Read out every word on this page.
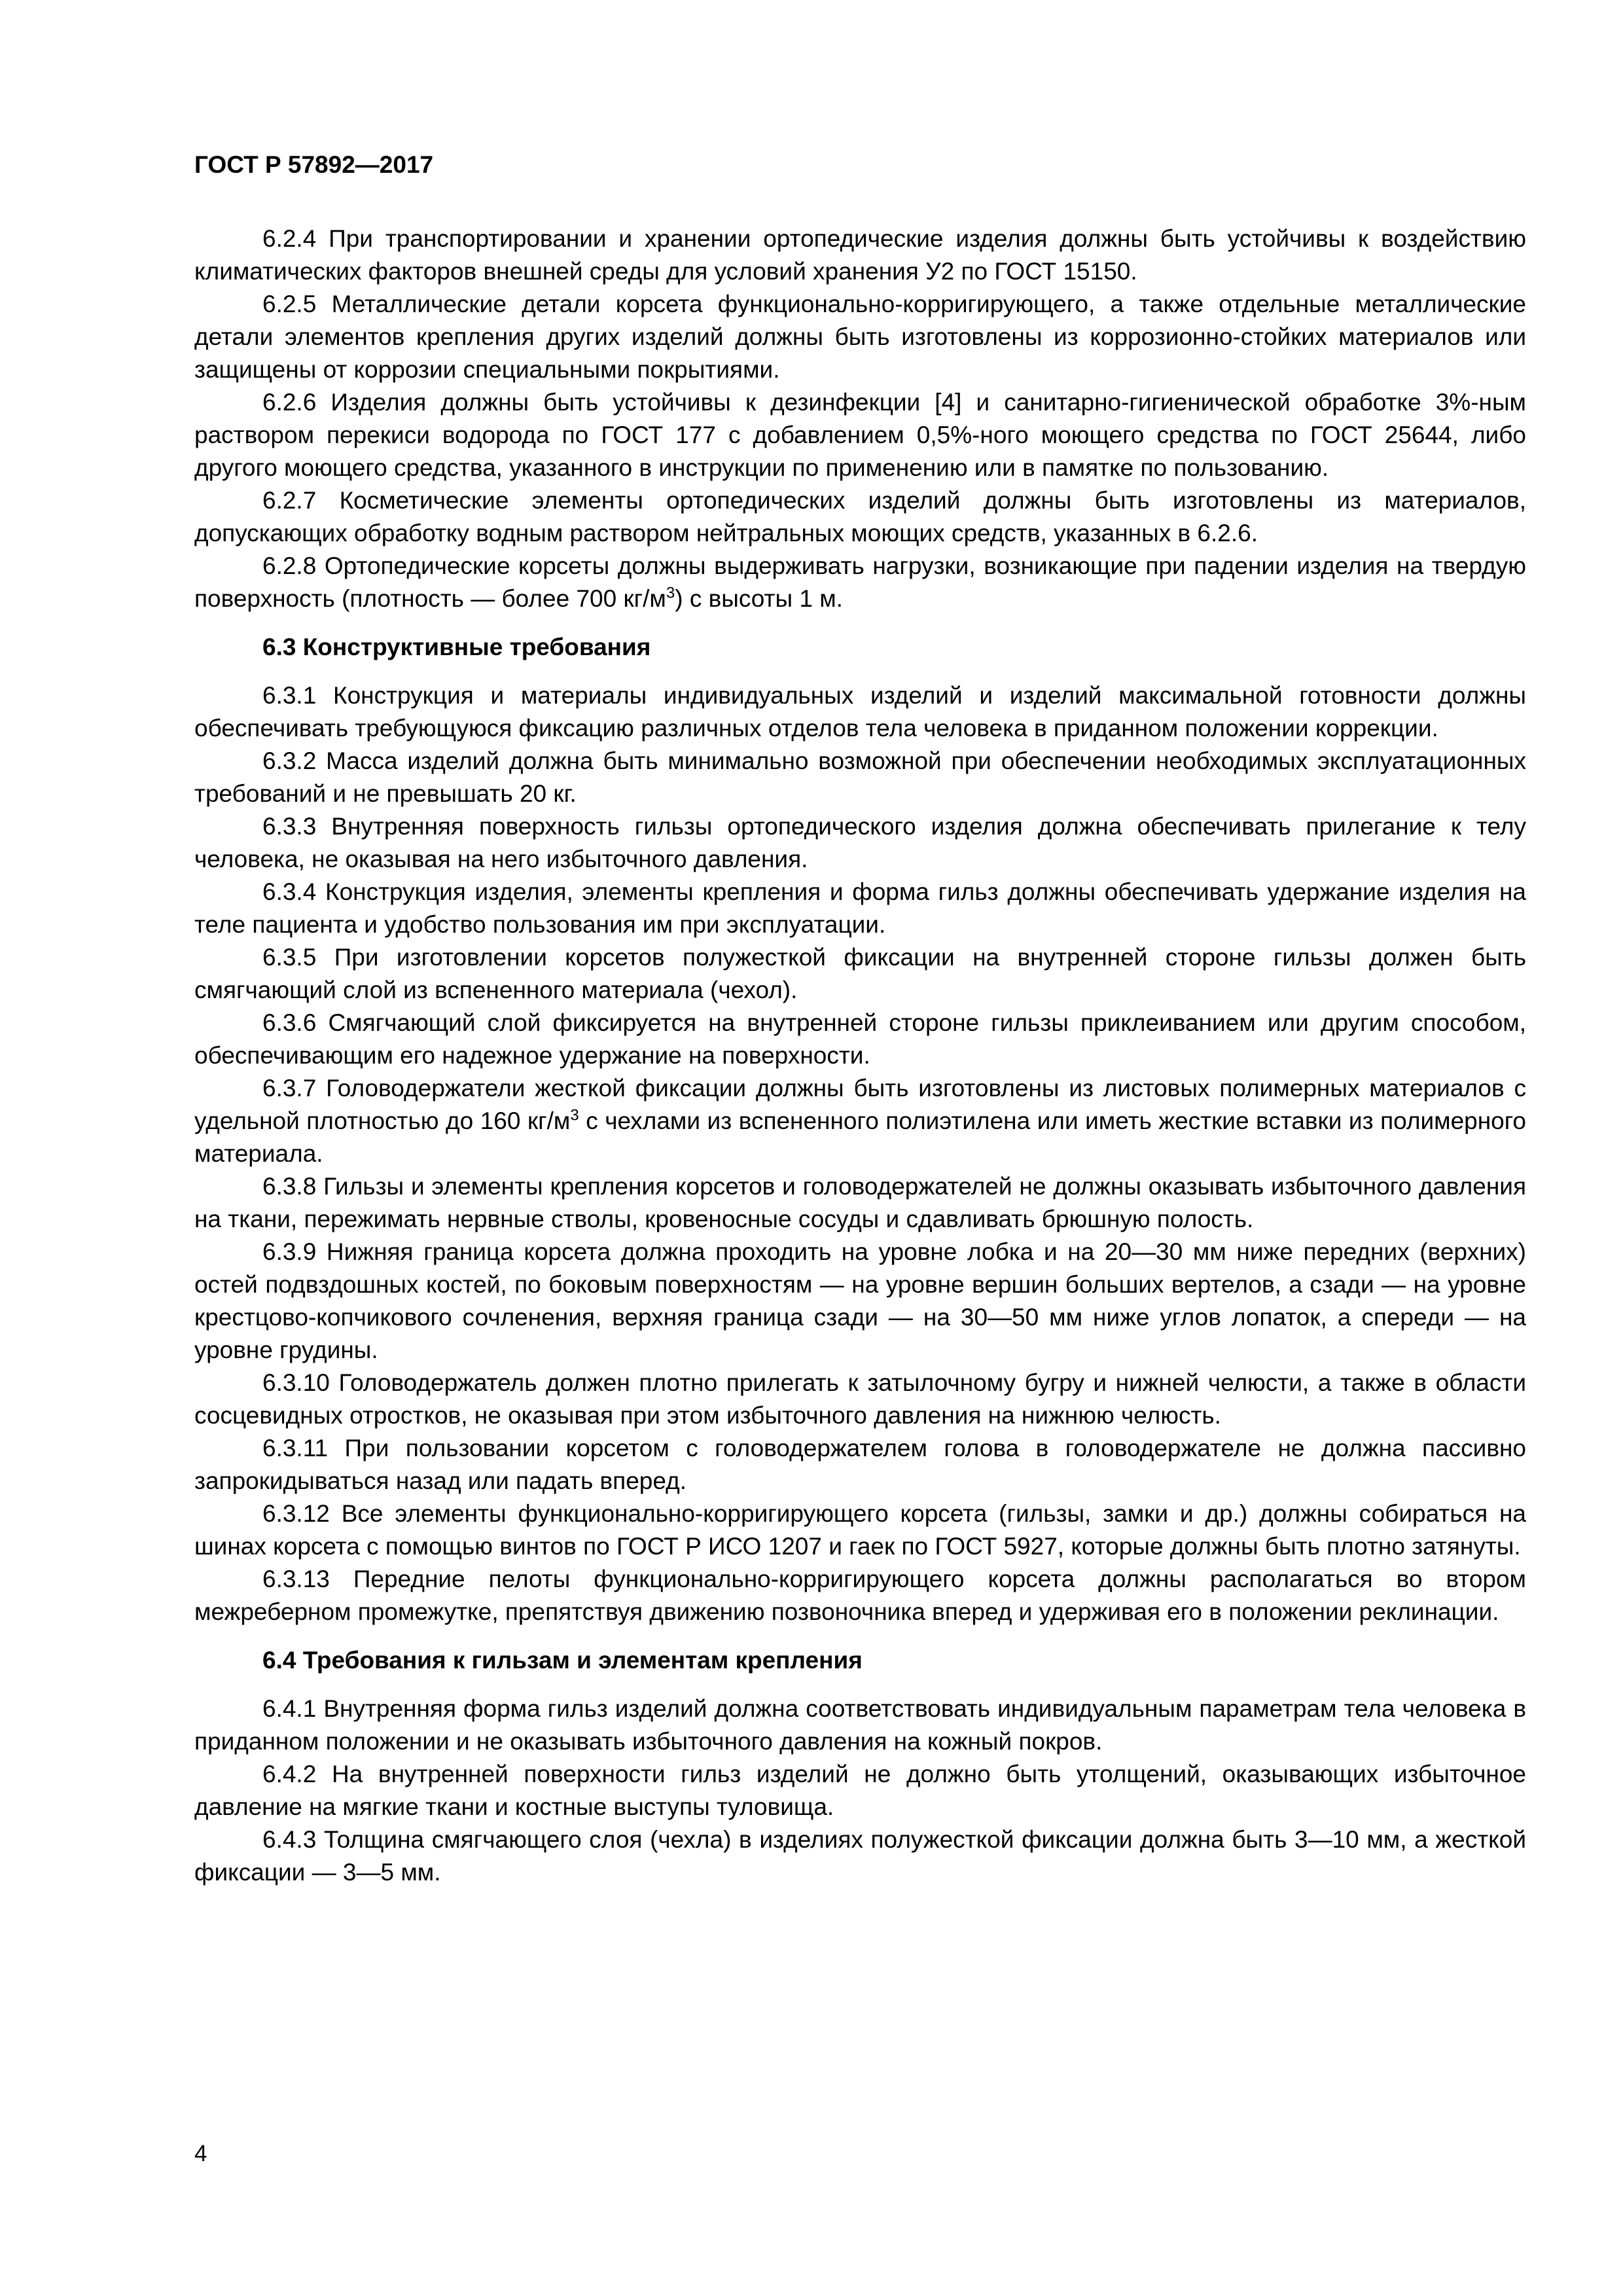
ГОСТ Р 57892—2017

6.2.4 При транспортировании и хранении ортопедические изделия должны быть устойчивы к воздействию климатических факторов внешней среды для условий хранения У2 по ГОСТ 15150.

6.2.5 Металлические детали корсета функционально-корригирующего, а также отдельные металлические детали элементов крепления других изделий должны быть изготовлены из коррозионно-стойких материалов или защищены от коррозии специальными покрытиями.

6.2.6 Изделия должны быть устойчивы к дезинфекции [4] и санитарно-гигиенической обработке 3%-ным раствором перекиси водорода по ГОСТ 177 с добавлением 0,5%-ного моющего средства по ГОСТ 25644, либо другого моющего средства, указанного в инструкции по применению или в памятке по пользованию.

6.2.7 Косметические элементы ортопедических изделий должны быть изготовлены из материалов, допускающих обработку водным раствором нейтральных моющих средств, указанных в 6.2.6.

6.2.8 Ортопедические корсеты должны выдерживать нагрузки, возникающие при падении изделия на твердую поверхность (плотность — более 700 $кг/м^3$) с высоты 1 м.

6.3 Конструктивные требования

6.3.1 Конструкция и материалы индивидуальных изделий и изделий максимальной готовности должны обеспечивать требующуюся фиксацию различных отделов тела человека в приданном положении коррекции.

6.3.2 Масса изделий должна быть минимально возможной при обеспечении необходимых эксплуатационных требований и не превышать 20 кг.

6.3.3 Внутренняя поверхность гильзы ортопедического изделия должна обеспечивать прилегание к телу человека, не оказывая на него избыточного давления.

6.3.4 Конструкция изделия, элементы крепления и форма гильз должны обеспечивать удержание изделия на теле пациента и удобство пользования им при эксплуатации.

6.3.5 При изготовлении корсетов полужесткой фиксации на внутренней стороне гильзы должен быть смягчающий слой из вспененного материала (чехол).

6.3.6 Смягчающий слой фиксируется на внутренней стороне гильзы приклеиванием или другим способом, обеспечивающим его надежное удержание на поверхности.

6.3.7 Головодержатели жесткой фиксации должны быть изготовлены из листовых полимерных материалов с удельной плотностью до 160 $кг/м^3$ с чехлами из вспененного полиэтилена или иметь жесткие вставки из полимерного материала.

6.3.8 Гильзы и элементы крепления корсетов и головодержателей не должны оказывать избыточного давления на ткани, пережимать нервные стволы, кровеносные сосуды и сдавливать брюшную полость.

6.3.9 Нижняя граница корсета должна проходить на уровне лобка и на 20—30 мм ниже передних (верхних) остей подвздошных костей, по боковым поверхностям — на уровне вершин больших вертелов, а сзади — на уровне крестцово-копчикового сочленения, верхняя граница сзади — на 30—50 мм ниже углов лопаток, а спереди — на уровне грудины.

6.3.10 Головодержатель должен плотно прилегать к затылочному бугру и нижней челюсти, а также в области сосцевидных отростков, не оказывая при этом избыточного давления на нижнюю челюсть.

6.3.11 При пользовании корсетом с головодержателем голова в головодержателе не должна пассивно запрокидываться назад или падать вперед.

6.3.12 Все элементы функционально-корригирующего корсета (гильзы, замки и др.) должны собираться на шинах корсета с помощью винтов по ГОСТ Р ИСО 1207 и гаек по ГОСТ 5927, которые должны быть плотно затянуты.

6.3.13 Передние пелоты функционально-корригирующего корсета должны располагаться во втором межреберном промежутке, препятствуя движению позвоночника вперед и удерживая его в положении реклинации.

6.4 Требования к гильзам и элементам крепления

6.4.1 Внутренняя форма гильз изделий должна соответствовать индивидуальным параметрам тела человека в приданном положении и не оказывать избыточного давления на кожный покров.

6.4.2 На внутренней поверхности гильз изделий не должно быть утолщений, оказывающих избыточное давление на мягкие ткани и костные выступы туловища.

6.4.3 Толщина смягчающего слоя (чехла) в изделиях полужесткой фиксации должна быть 3—10 мм, а жесткой фиксации — 3—5 мм.

4
